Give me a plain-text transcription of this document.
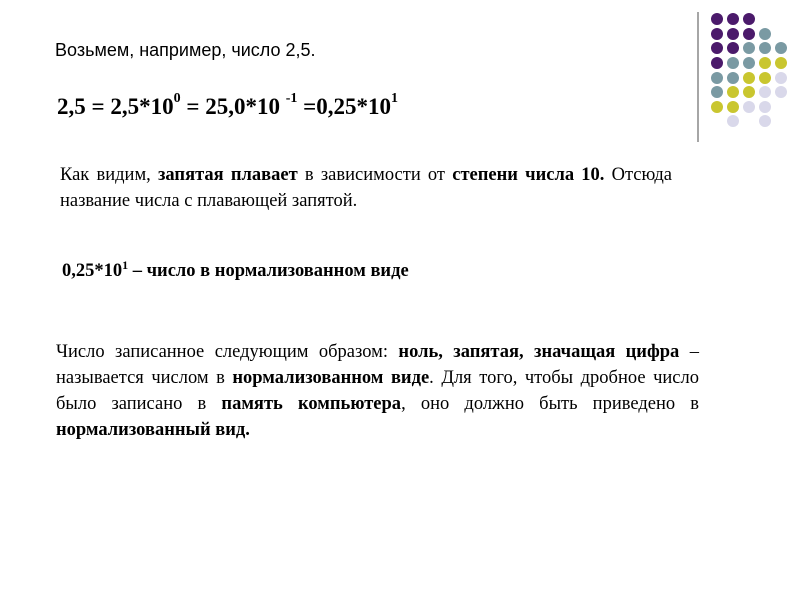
Возьмем, например, число 2,5.
$2,5 = 2,5*10^0 = 25,0*10$ $^{-1} =0,25*10^1$
Как видим, запятая плавает в зависимости от степени числа 10. Отсюда название числа с плавающей запятой.
$0,25*10^1$ – число в нормализованном виде
Число записанное следующим образом: ноль, запятая, значащая цифра – называется числом в нормализованном виде. Для того, чтобы дробное число было записано в память компьютера, оно должно быть приведено в нормализованный вид.
